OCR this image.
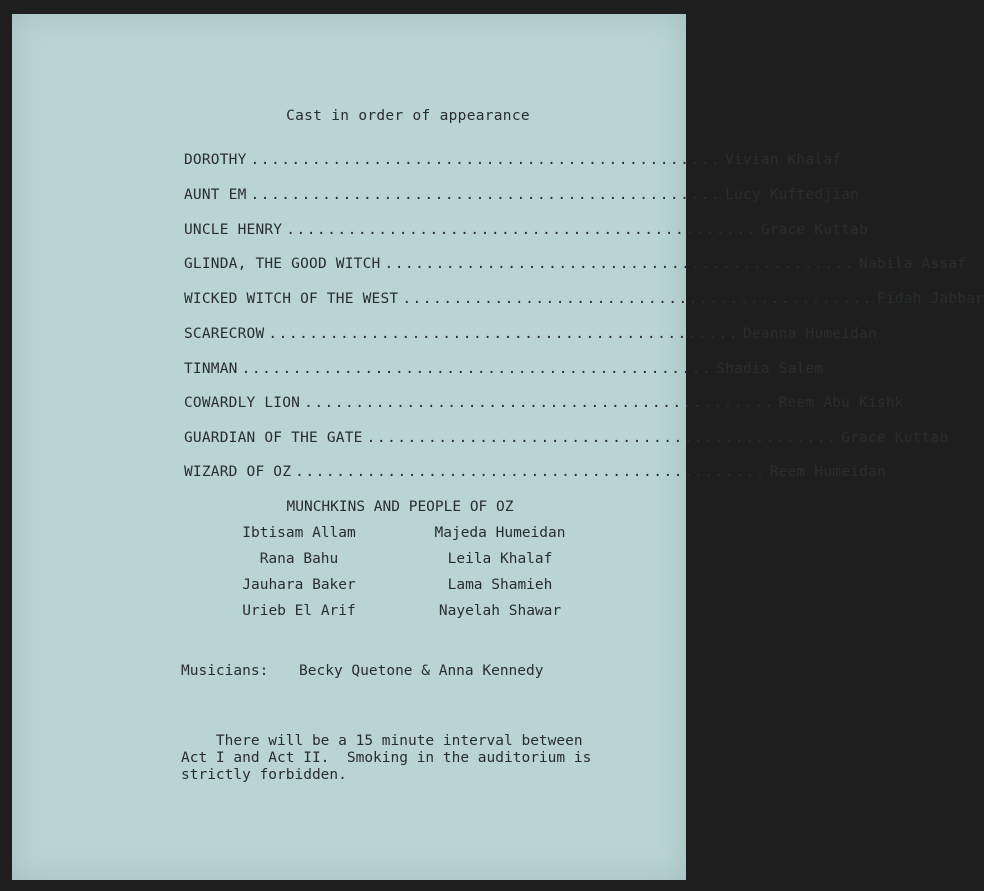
Cast in order of appearance
DOROTHY .............................................. Vivian Khalaf
AUNT EM .............................................. Lucy Kuftedjian
UNCLE HENRY .............................................. Grace Kuttab
GLINDA, THE GOOD WITCH .............................................. Nabila Assaf
WICKED WITCH OF THE WEST .............................................. Fidah Jabbar
SCARECROW .............................................. Deanna Humeidan
TINMAN .............................................. Shadia Salem
COWARDLY LION .............................................. Reem Abu Kishk
GUARDIAN OF THE GATE .............................................. Grace Kuttab
WIZARD OF OZ .............................................. Reem Humeidan
MUNCHKINS AND PEOPLE OF OZ
Ibtisam Allam
Rana Bahu
Jauhara Baker
Urieb El Arif
Majeda Humeidan
Leila Khalaf
Lama Shamieh
Nayelah Shawar
Musicians: Becky Quetone & Anna Kennedy
There will be a 15 minute interval between
Act I and Act II.  Smoking in the auditorium is
strictly forbidden.
